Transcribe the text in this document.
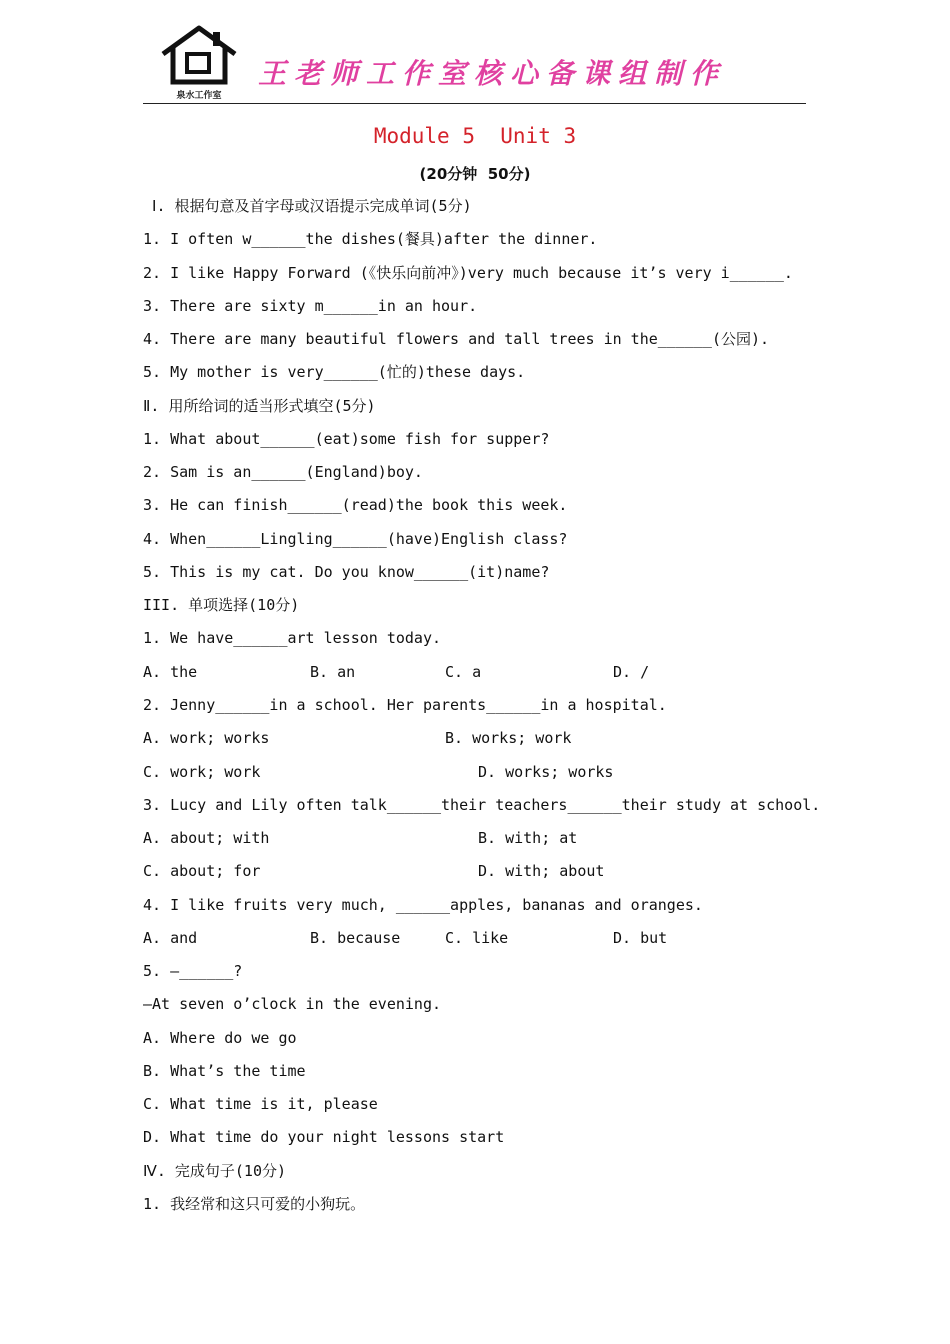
泉水工作室
王老师工作室核心备课组制作
Module 5  Unit 3
(20分钟  50分)
Ⅰ. 根据句意及首字母或汉语提示完成单词(5分)
1. I often w______the dishes(餐具)after the dinner.
2. I like Happy Forward (《快乐向前冲》)very much because it’s very i______.
3. There are sixty m______in an hour.
4. There are many beautiful flowers and tall trees in the______(公园).
5. My mother is very______(忙的)these days.
Ⅱ. 用所给词的适当形式填空(5分)
1. What about______(eat)some fish for supper?
2. Sam is an______(England)boy.
3. He can finish______(read)the book this week.
4. When______Lingling______(have)English class?
5. This is my cat. Do you know______(it)name?
III. 单项选择(10分)
1. We have______art lesson today.
A. the	B. an	C. a	D. /
2. Jenny______in a school. Her parents______in a hospital.
A. work; works	B. works; work
C. work; work	D. works; works
3. Lucy and Lily often talk______their teachers______their study at school.
A. about; with	B. with; at
C. about; for	D. with; about
4. I like fruits very much, ______apples, bananas and oranges.
A. and	B. because	C. like	D. but
5. —______?
—At seven o’clock in the evening.
A. Where do we go
B. What’s the time
C. What time is it, please
D. What time do your night lessons start
Ⅳ. 完成句子(10分)
1. 我经常和这只可爱的小狗玩。
